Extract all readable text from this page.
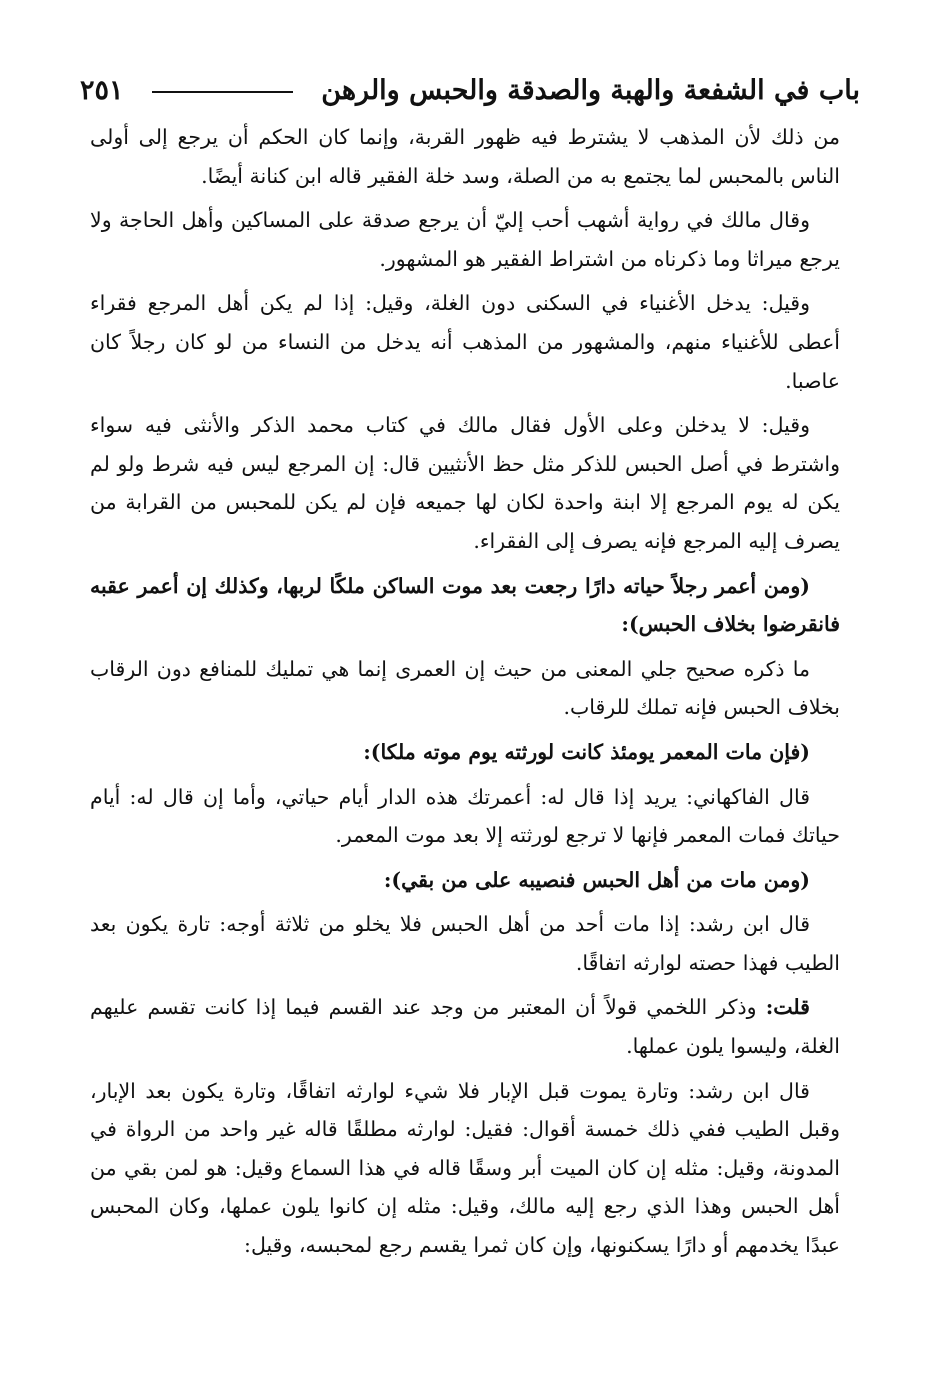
باب في الشفعة والهبة والصدقة والحبس والرهن
٢٥١

من ذلك لأن المذهب لا يشترط فيه ظهور القربة، وإنما كان الحكم أن يرجع إلى أولى الناس بالمحبس لما يجتمع به من الصلة، وسد خلة الفقير قاله ابن كنانة أيضًا.

وقال مالك في رواية أشهب أحب إليّ أن يرجع صدقة على المساكين وأهل الحاجة ولا يرجع ميراثا وما ذكرناه من اشتراط الفقير هو المشهور.

وقيل: يدخل الأغنياء في السكنى دون الغلة، وقيل: إذا لم يكن أهل المرجع فقراء أعطى للأغنياء منهم، والمشهور من المذهب أنه يدخل من النساء من لو كان رجلاً كان عاصبا.

وقيل: لا يدخلن وعلى الأول فقال مالك في كتاب محمد الذكر والأنثى فيه سواء واشترط في أصل الحبس للذكر مثل حظ الأنثيين قال: إن المرجع ليس فيه شرط ولو لم يكن له يوم المرجع إلا ابنة واحدة لكان لها جميعه فإن لم يكن للمحبس من القرابة من يصرف إليه المرجع فإنه يصرف إلى الفقراء.

(ومن أعمر رجلاً حياته دارًا رجعت بعد موت الساكن ملكًا لربها، وكذلك إن أعمر عقبه فانقرضوا بخلاف الحبس):

ما ذكره صحيح جلي المعنى من حيث إن العمرى إنما هي تمليك للمنافع دون الرقاب بخلاف الحبس فإنه تملك للرقاب.

(فإن مات المعمر يومئذ كانت لورثته يوم موته ملكا):

قال الفاكهاني: يريد إذا قال له: أعمرتك هذه الدار أيام حياتي، وأما إن قال له: أيام حياتك فمات المعمر فإنها لا ترجع لورثته إلا بعد موت المعمر.

(ومن مات من أهل الحبس فنصيبه على من بقي):

قال ابن رشد: إذا مات أحد من أهل الحبس فلا يخلو من ثلاثة أوجه: تارة يكون بعد الطيب فهذا حصته لوارثه اتفاقًا.

قلت: وذكر اللخمي قولاً أن المعتبر من وجد عند القسم فيما إذا كانت تقسم عليهم الغلة، وليسوا يلون عملها.

قال ابن رشد: وتارة يموت قبل الإبار فلا شيء لوارثه اتفاقًا، وتارة يكون بعد الإبار، وقبل الطيب ففي ذلك خمسة أقوال: فقيل: لوارثه مطلقًا قاله غير واحد من الرواة في المدونة، وقيل: مثله إن كان الميت أبر وسقًا قاله في هذا السماع وقيل: هو لمن بقي من أهل الحبس وهذا الذي رجع إليه مالك، وقيل: مثله إن كانوا يلون عملها، وكان المحبس عبدًا يخدمهم أو دارًا يسكنونها، وإن كان ثمرا يقسم رجع لمحبسه، وقيل:
